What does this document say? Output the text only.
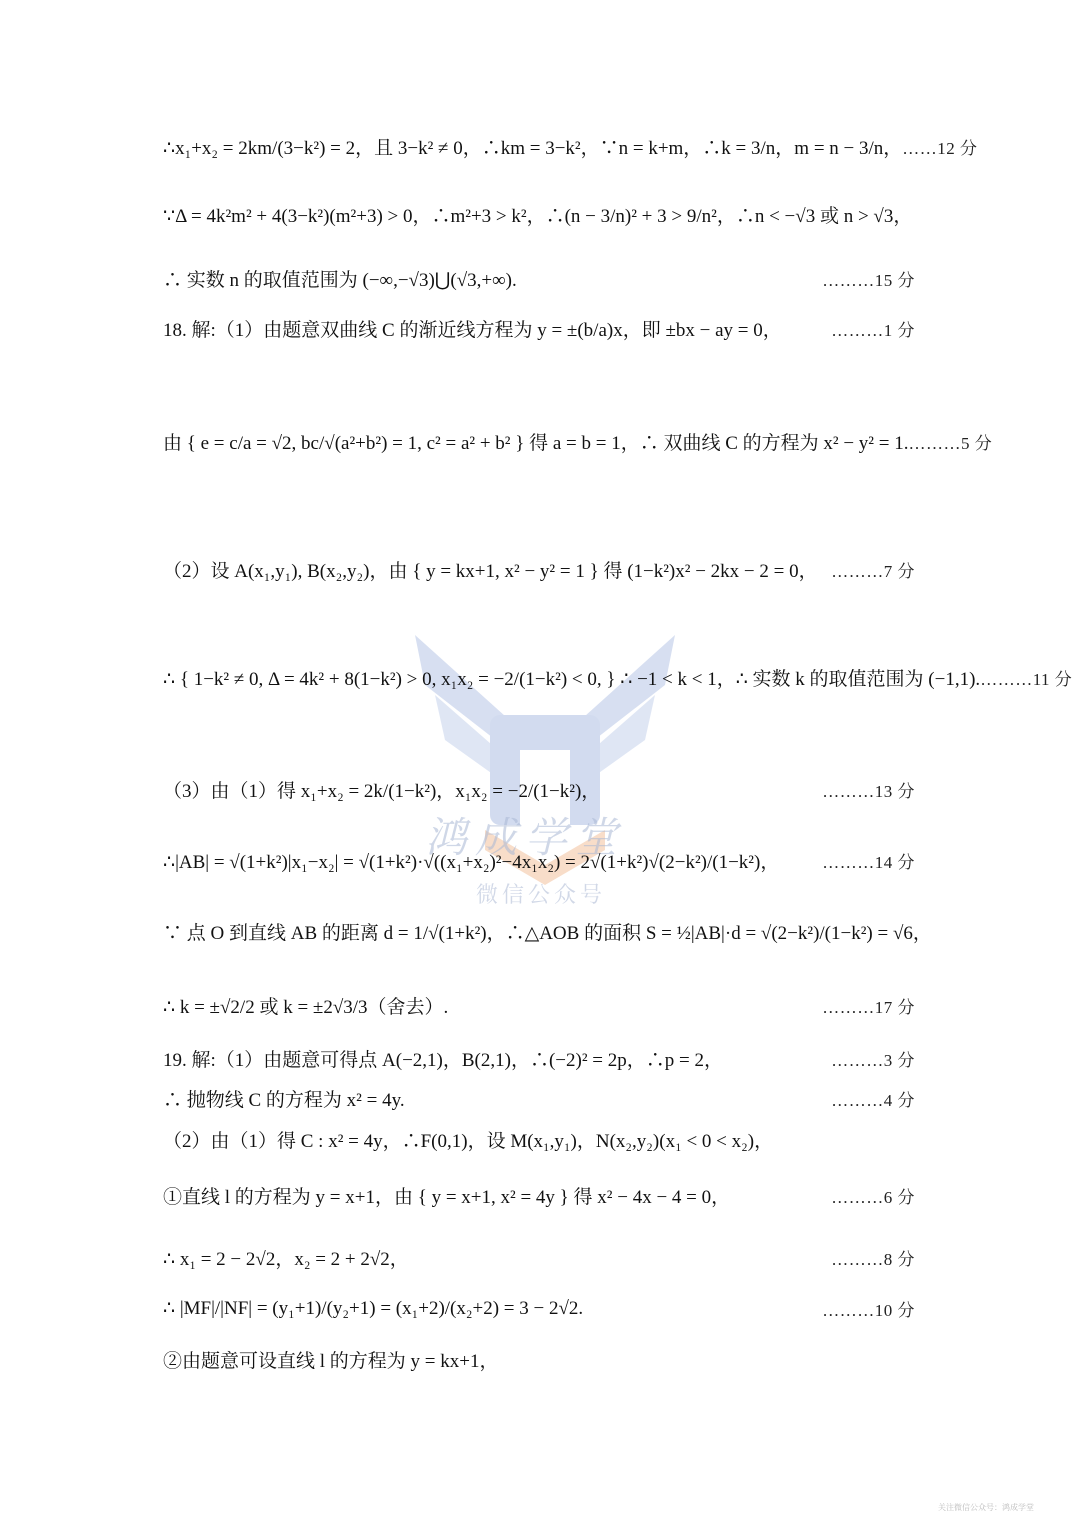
鸿成学堂
微信公众号
∴x₁+x₂ = 2km/(3−k²) = 2，且 3−k² ≠ 0，∴km = 3−k²，∵n = k+m，∴k = 3/n，m = n − 3/n， ……12 分
∵Δ = 4k²m² + 4(3−k²)(m²+3) > 0，∴m²+3 > k²，∴(n − 3/n)² + 3 > 9/n²，∴n < −√3 或 n > √3，
∴ 实数 n 的取值范围为 (−∞,−√3)⋃(√3,+∞).	………15 分
18. 解:（1）由题意双曲线 C 的渐近线方程为 y = ±(b/a)x，即 ±bx − ay = 0，	………1 分
由 { e = c/a = √2, bc/√(a²+b²) = 1, c² = a² + b² } 得 a = b = 1，∴ 双曲线 C 的方程为 x² − y² = 1. ………5 分
（2）设 A(x₁,y₁), B(x₂,y₂)，由 { y = kx+1, x² − y² = 1 } 得 (1−k²)x² − 2kx − 2 = 0， ………7 分
∴ { 1−k² ≠ 0, Δ = 4k² + 8(1−k²) > 0, x₁x₂ = −2/(1−k²) < 0, } ∴ −1 < k < 1，∴ 实数 k 的取值范围为 (−1,1). ………11 分
（3）由（1）得 x₁+x₂ = 2k/(1−k²)，x₁x₂ = −2/(1−k²)，	………13 分
∴|AB| = √(1+k²)|x₁−x₂| = √(1+k²)·√((x₁+x₂)²−4x₁x₂) = 2√(1+k²)√(2−k²)/(1−k²)，	………14 分
∵ 点 O 到直线 AB 的距离 d = 1/√(1+k²)，∴△AOB 的面积 S = ½|AB|·d = √(2−k²)/(1−k²) = √6，
∴ k = ±√2/2 或 k = ±2√3/3（舍去）.	………17 分
19. 解:（1）由题意可得点 A(−2,1)，B(2,1)，∴(−2)² = 2p，∴p = 2，	………3 分
∴ 抛物线 C 的方程为 x² = 4y.	………4 分
（2）由（1）得 C : x² = 4y，∴F(0,1)，设 M(x₁,y₁)，N(x₂,y₂)(x₁ < 0 < x₂)，
①直线 l 的方程为 y = x+1，由 { y = x+1, x² = 4y } 得 x² − 4x − 4 = 0，	………6 分
∴ x₁ = 2 − 2√2，x₂ = 2 + 2√2，	………8 分
∴ |MF|/|NF| = (y₁+1)/(y₂+1) = (x₁+2)/(x₂+2) = 3 − 2√2.	………10 分
②由题意可设直线 l 的方程为 y = kx+1，
关注微信公众号：鸿成学堂
